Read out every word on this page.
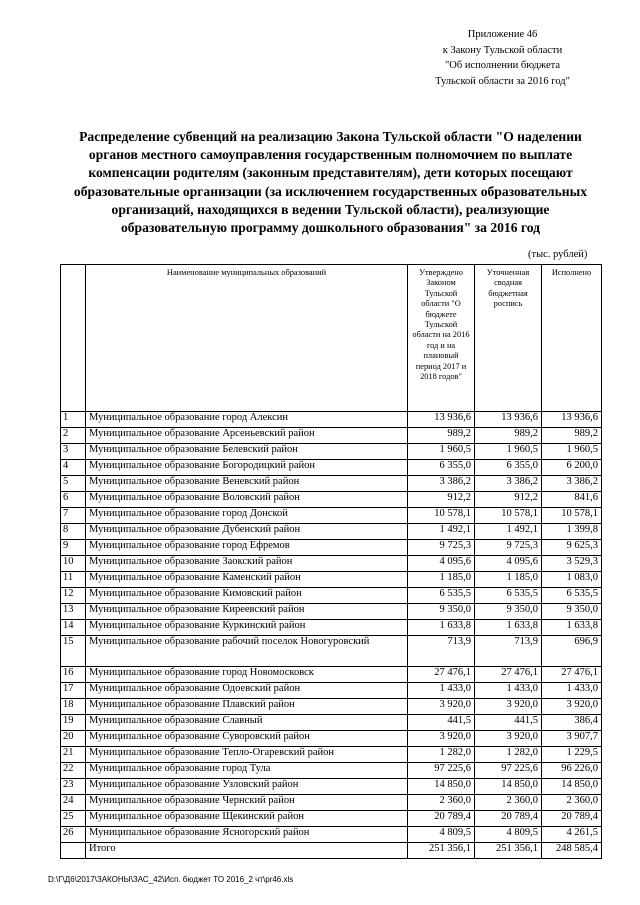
Приложение 46
к Закону Тульской области
"Об исполнении бюджета
Тульской области за 2016 год"
Распределение субвенций на реализацию Закона Тульской области "О наделении органов местного самоуправления государственным полномочием по выплате компенсации родителям (законным представителям), дети которых посещают образовательные организации (за исключением государственных образовательных организаций, находящихся в ведении Тульской области), реализующие образовательную программу дошкольного образования" за 2016 год
(тыс. рублей)
	Наименование муниципальных образований	Утверждено Законом Тульской области "О бюджете Тульской области на 2016 год и на плановый период 2017 и 2018 годов"	Уточненная сводная бюджетная роспись	Исполнено
1	Муниципальное образование город Алексин	13 936,6	13 936,6	13 936,6
2	Муниципальное образование Арсеньевский район	989,2	989,2	989,2
3	Муниципальное образование Белевский район	1 960,5	1 960,5	1 960,5
4	Муниципальное образование Богородицкий район	6 355,0	6 355,0	6 200,0
5	Муниципальное образование Веневский район	3 386,2	3 386,2	3 386,2
6	Муниципальное образование Воловский район	912,2	912,2	841,6
7	Муниципальное образование город Донской	10 578,1	10 578,1	10 578,1
8	Муниципальное образование Дубенский район	1 492,1	1 492,1	1 399,8
9	Муниципальное образование город Ефремов	9 725,3	9 725,3	9 625,3
10	Муниципальное образование Заокский район	4 095,6	4 095,6	3 529,3
11	Муниципальное образование Каменский район	1 185,0	1 185,0	1 083,0
12	Муниципальное образование Кимовский район	6 535,5	6 535,5	6 535,5
13	Муниципальное образование Киреевский район	9 350,0	9 350,0	9 350,0
14	Муниципальное образование Куркинский район	1 633,8	1 633,8	1 633,8
15	Муниципальное образование рабочий поселок Новогуровский	713,9	713,9	696,9
16	Муниципальное образование город Новомосковск	27 476,1	27 476,1	27 476,1
17	Муниципальное образование Одоевский район	1 433,0	1 433,0	1 433,0
18	Муниципальное образование Плавский район	3 920,0	3 920,0	3 920,0
19	Муниципальное образование Славный	441,5	441,5	386,4
20	Муниципальное образование Суворовский район	3 920,0	3 920,0	3 907,7
21	Муниципальное образование Тепло-Огаревский район	1 282,0	1 282,0	1 229,5
22	Муниципальное образование город Тула	97 225,6	97 225,6	96 226,0
23	Муниципальное образование Узловский район	14 850,0	14 850,0	14 850,0
24	Муниципальное образование Чернский район	2 360,0	2 360,0	2 360,0
25	Муниципальное образование Щекинский район	20 789,4	20 789,4	20 789,4
26	Муниципальное образование Ясногорский район	4 809,5	4 809,5	4 261,5
	Итого	251 356,1	251 356,1	248 585,4
D:\Г\Д6\2017\ЗАКОНЫ\ЗАС_42\Исп. бюджет ТО 2016_2 чт\pr46.xls
